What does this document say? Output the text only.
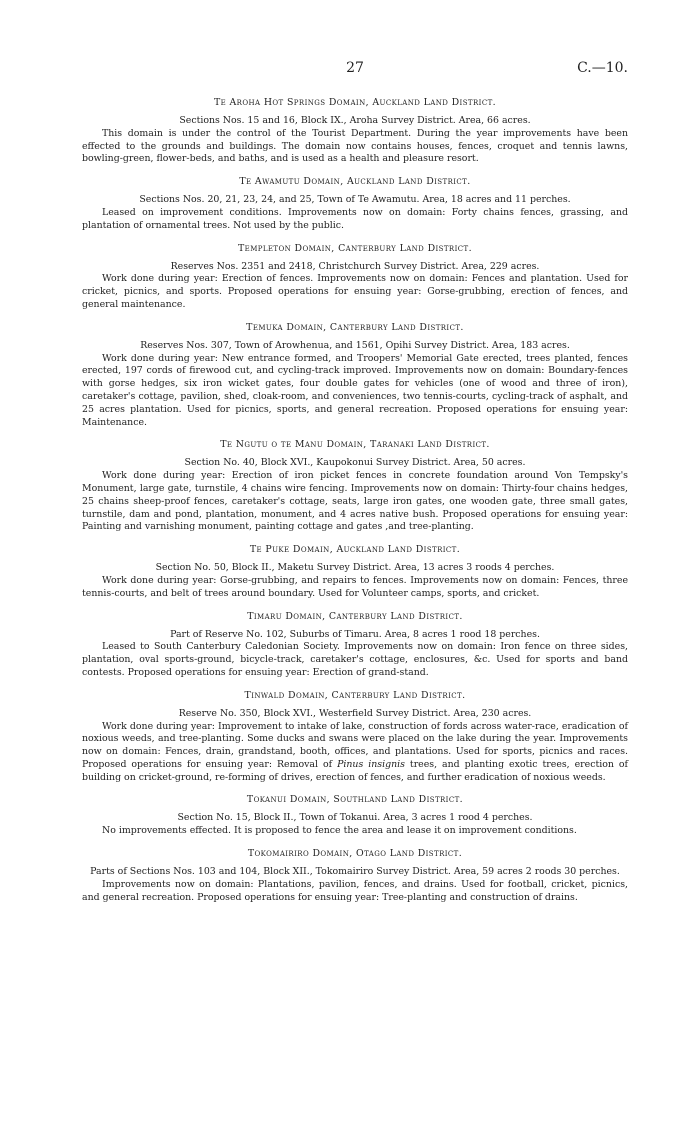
27	C.—10.
Te Aroha Hot Springs Domain, Auckland Land District.
Sections Nos. 15 and 16, Block IX., Aroha Survey District. Area, 66 acres.

This domain is under the control of the Tourist Department. During the year improvements have been effected to the grounds and buildings. The domain now contains houses, fences, croquet and tennis lawns, bowling-green, flower-beds, and baths, and is used as a health and pleasure resort.

Te Awamutu Domain, Auckland Land District.
Sections Nos. 20, 21, 23, 24, and 25, Town of Te Awamutu. Area, 18 acres and 11 perches.

Leased on improvement conditions. Improvements now on domain: Forty chains fences, grassing, and plantation of ornamental trees. Not used by the public.

Templeton Domain, Canterbury Land District.
Reserves Nos. 2351 and 2418, Christchurch Survey District. Area, 229 acres.

Work done during year: Erection of fences. Improvements now on domain: Fences and plantation. Used for cricket, picnics, and sports. Proposed operations for ensuing year: Gorse-grubbing, erection of fences, and general maintenance.

Temuka Domain, Canterbury Land District.
Reserves Nos. 307, Town of Arowhenua, and 1561, Opihi Survey District. Area, 183 acres.

Work done during year: New entrance formed, and Troopers' Memorial Gate erected, trees planted, fences erected, 197 cords of firewood cut, and cycling-track improved. Improvements now on domain: Boundary-fences with gorse hedges, six iron wicket gates, four double gates for vehicles (one of wood and three of iron), caretaker's cottage, pavilion, shed, cloak-room, and conveniences, two tennis-courts, cycling-track of asphalt, and 25 acres plantation. Used for picnics, sports, and general recreation. Proposed operations for ensuing year: Maintenance.

Te Ngutu o te Manu Domain, Taranaki Land District.
Section No. 40, Block XVI., Kaupokonui Survey District. Area, 50 acres.

Work done during year: Erection of iron picket fences in concrete foundation around Von Tempsky's Monument, large gate, turnstile, 4 chains wire fencing. Improvements now on domain: Thirty-four chains hedges, 25 chains sheep-proof fences, caretaker's cottage, seats, large iron gates, one wooden gate, three small gates, turnstile, dam and pond, plantation, monument, and 4 acres native bush. Proposed operations for ensuing year: Painting and varnishing monument, painting cottage and gates ,and tree-planting.

Te Puke Domain, Auckland Land District.
Section No. 50, Block II., Maketu Survey District. Area, 13 acres 3 roods 4 perches.

Work done during year: Gorse-grubbing, and repairs to fences. Improvements now on domain: Fences, three tennis-courts, and belt of trees around boundary. Used for Volunteer camps, sports, and cricket.

Timaru Domain, Canterbury Land District.
Part of Reserve No. 102, Suburbs of Timaru. Area, 8 acres 1 rood 18 perches.

Leased to South Canterbury Caledonian Society. Improvements now on domain: Iron fence on three sides, plantation, oval sports-ground, bicycle-track, caretaker's cottage, enclosures, &c. Used for sports and band contests. Proposed operations for ensuing year: Erection of grand-stand.

Tinwald Domain, Canterbury Land District.
Reserve No. 350, Block XVI., Westerfield Survey District. Area, 230 acres.

Work done during year: Improvement to intake of lake, construction of fords across water-race, eradication of noxious weeds, and tree-planting. Some ducks and swans were placed on the lake during the year. Improvements now on domain: Fences, drain, grandstand, booth, offices, and plantations. Used for sports, picnics and races. Proposed operations for ensuing year: Removal of Pinus insignis trees, and planting exotic trees, erection of building on cricket-ground, re-forming of drives, erection of fences, and further eradication of noxious weeds.

Tokanui Domain, Southland Land District.
Section No. 15, Block II., Town of Tokanui. Area, 3 acres 1 rood 4 perches.

No improvements effected. It is proposed to fence the area and lease it on improvement conditions.

Tokomairiro Domain, Otago Land District.
Parts of Sections Nos. 103 and 104, Block XII., Tokomairiro Survey District. Area, 59 acres 2 roods 30 perches.

Improvements now on domain: Plantations, pavilion, fences, and drains. Used for football, cricket, picnics, and general recreation. Proposed operations for ensuing year: Tree-planting and construction of drains.
